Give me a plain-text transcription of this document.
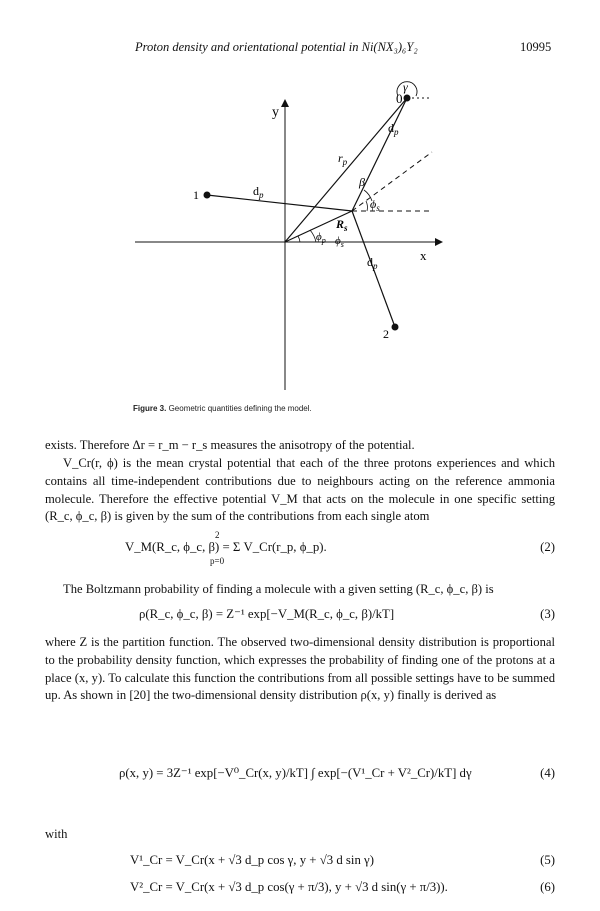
Proton density and orientational potential in Ni(NX₃)₆Y₂	10995
y
x
0
1
2
γ
$d_p$
$d_p$
$d_p$
$r_p$
β
$\phi_s$
$R_s$
$\phi_p$ $\phi_s$
Figure 3. Geometric quantities defining the model.
exists. Therefore Δr = r_m − r_s measures the anisotropy of the potential.
V_Cr(r, ϕ) is the mean crystal potential that each of the three protons experiences and which contains all time-independent contributions due to neighbours acting on the reference ammonia molecule. Therefore the effective potential V_M that acts on the molecule in one specific setting (R_c, ϕ_c, β) is given by the sum of the contributions from each single atom
V_M(R_c, ϕ_c, β) = Σ V_Cr(r_p, ϕ_p).
2
p=0
(2)
The Boltzmann probability of finding a molecule with a given setting (R_c, ϕ_c, β) is
ρ(R_c, ϕ_c, β) = Z⁻¹ exp[−V_M(R_c, ϕ_c, β)/kT]	(3)
where Z is the partition function. The observed two-dimensional density distribution is proportional to the probability density function, which expresses the probability of finding one of the protons at a place (x, y). To calculate this function the contributions from all possible settings have to be summed up. As shown in [20] the two-dimensional density distribution ρ(x, y) finally is derived as
ρ(x, y) = 3Z⁻¹ exp[−V⁰_Cr(x, y)/kT] ∫ exp[−(V¹_Cr + V²_Cr)/kT] dγ	(4)
with
V¹_Cr = V_Cr(x + √3 d_p cos γ, y + √3 d sin γ)	(5)
V²_Cr = V_Cr(x + √3 d_p cos(γ + π/3), y + √3 d sin(γ + π/3)).	(6)
